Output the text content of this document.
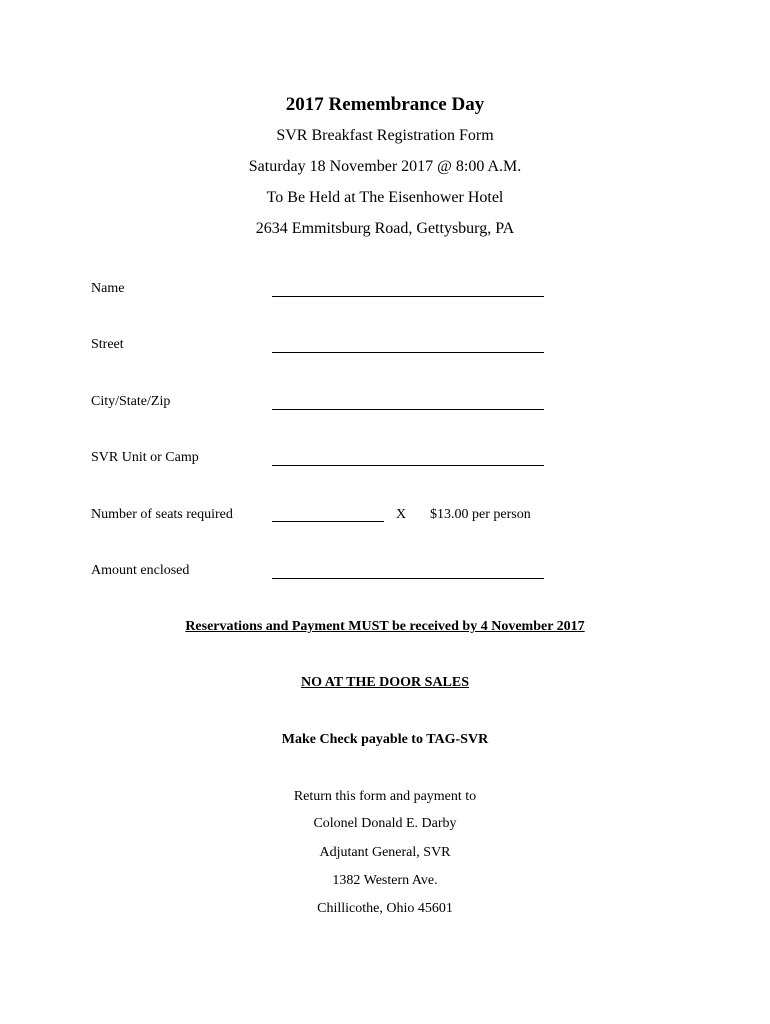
2017 Remembrance Day
SVR Breakfast Registration Form
Saturday 18 November 2017 @ 8:00 A.M.
To Be Held at The Eisenhower Hotel
2634 Emmitsburg Road, Gettysburg, PA
Name
Street
City/State/Zip
SVR Unit or Camp
Number of seats required	X $13.00 per person
Amount enclosed
Reservations and Payment MUST be received by 4 November 2017
NO AT THE DOOR SALES
Make Check payable to TAG-SVR
Return this form and payment to
Colonel Donald E. Darby
Adjutant General, SVR
1382 Western Ave.
Chillicothe, Ohio 45601
